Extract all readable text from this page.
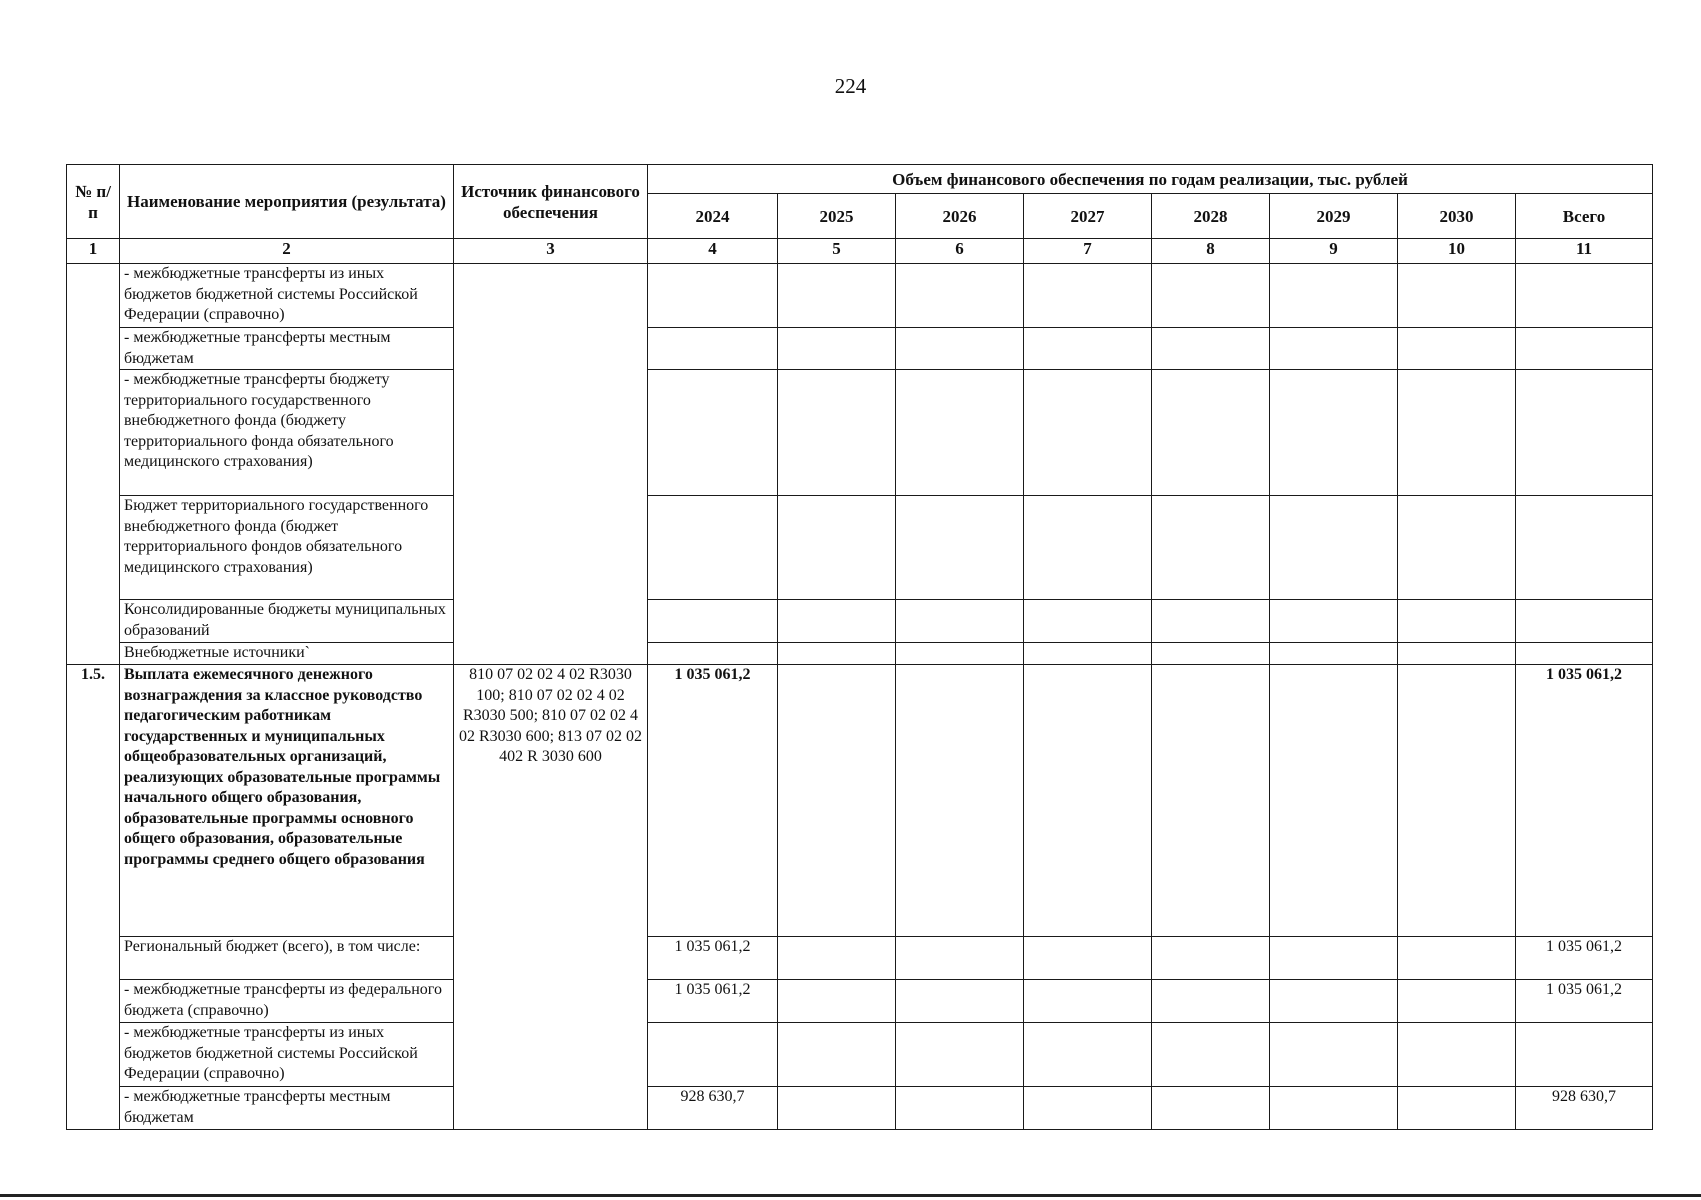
224
№ п/п	Наименование мероприятия (результата)	Источник финансового обеспечения	Объем финансового обеспечения по годам реализации, тыс. рублей							
			2024	2025	2026	2027	2028	2029	2030	Всего
1	2	3	4	5	6	7	8	9	10	11
	- межбюджетные трансферты из иных бюджетов бюджетной системы Российской Федерации (справочно)									
	- межбюджетные трансферты местным бюджетам									
	- межбюджетные трансферты бюджету территориального государственного внебюджетного фонда (бюджету территориального фонда обязательного медицинского страхования)									
	Бюджет территориального государственного внебюджетного фонда (бюджет территориального фондов обязательного медицинского страхования)									
	Консолидированные бюджеты муниципальных образований									
	Внебюджетные источники`									
1.5.	Выплата ежемесячного денежного вознаграждения за классное руководство педагогическим работникам государственных и муниципальных общеобразовательных организаций, реализующих образовательные программы начального общего образования, образовательные программы основного общего образования, образовательные программы среднего общего образования	810 07 02 02 4 02 R3030 100; 810 07 02 02 4 02 R3030 500; 810 07 02 02 4 02 R3030 600; 813 07 02 02 402 R 3030 600	1 035 061,2							1 035 061,2
	Региональный бюджет (всего), в том числе:		1 035 061,2							1 035 061,2
	- межбюджетные трансферты из федерального бюджета (справочно)		1 035 061,2							1 035 061,2
	- межбюджетные трансферты из иных бюджетов бюджетной системы Российской Федерации (справочно)									
	- межбюджетные трансферты местным бюджетам		928 630,7							928 630,7
